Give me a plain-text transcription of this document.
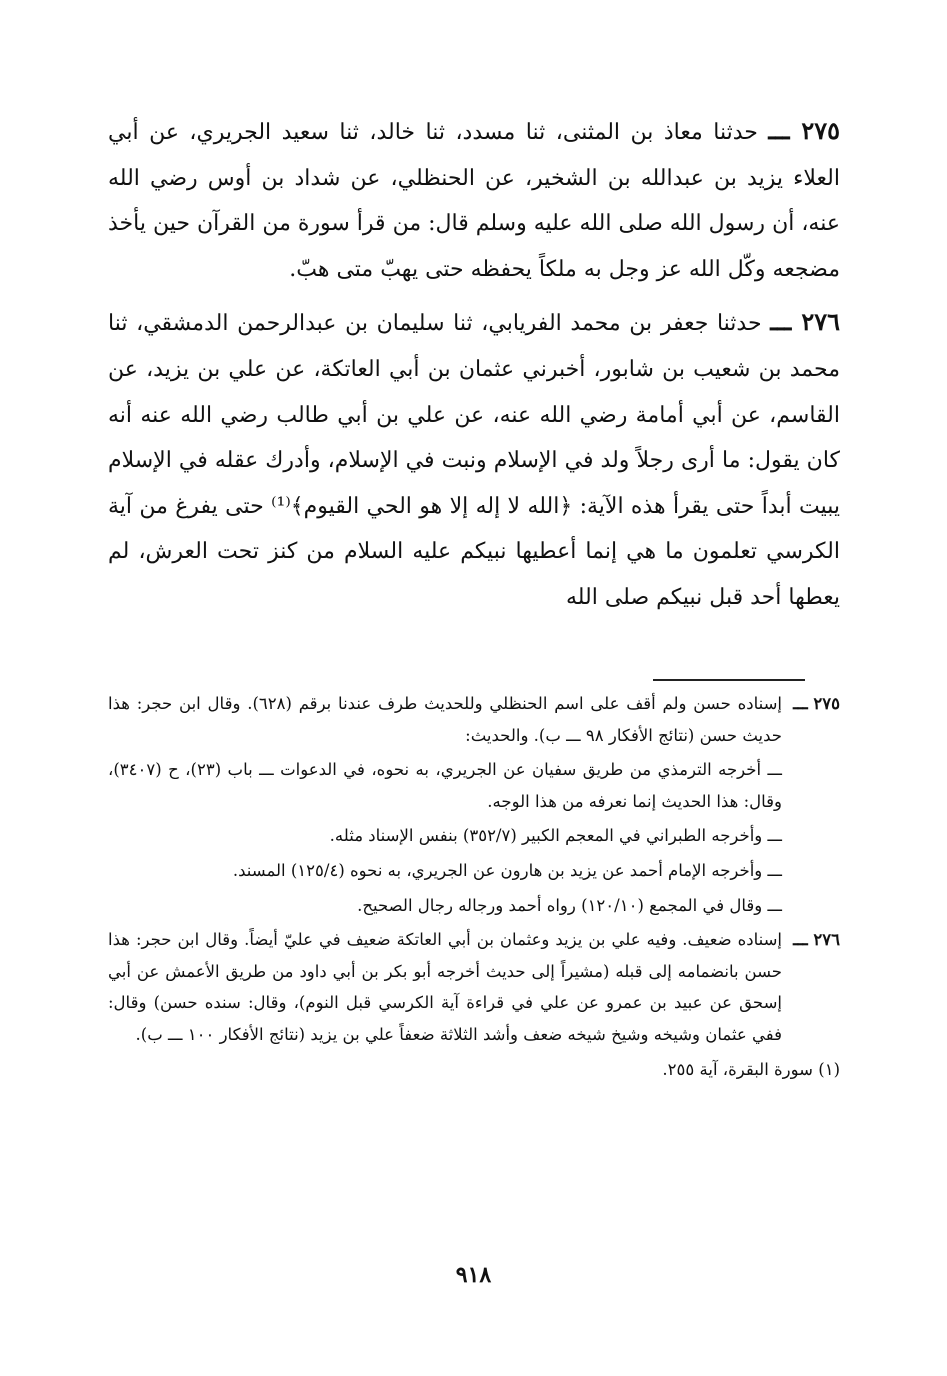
٢٧٥ ـــ حدثنا معاذ بن المثنى، ثنا مسدد، ثنا خالد، ثنا سعيد الجريري، عن أبي العلاء يزيد بن عبدالله بن الشخير، عن الحنظلي، عن شداد بن أوس رضي الله عنه، أن رسول الله صلى الله عليه وسلم قال: من قرأ سورة من القرآن حين يأخذ مضجعه وكّل الله عز وجل به ملكاً يحفظه حتى يهبّ متى هبّ.

٢٧٦ ـــ حدثنا جعفر بن محمد الفريابي، ثنا سليمان بن عبدالرحمن الدمشقي، ثنا محمد بن شعيب بن شابور، أخبرني عثمان بن أبي العاتكة، عن علي بن يزيد، عن القاسم، عن أبي أمامة رضي الله عنه، عن علي بن أبي طالب رضي الله عنه أنه كان يقول: ما أرى رجلاً ولد في الإسلام ونبت في الإسلام، وأدرك عقله في الإسلام يبيت أبداً حتى يقرأ هذه الآية: ﴿الله لا إله إلا هو الحي القيوم﴾⁽¹⁾ حتى يفرغ من آية الكرسي تعلمون ما هي إنما أعطيها نبيكم عليه السلام من كنز تحت العرش، لم يعطها أحد قبل نبيكم صلى الله

٢٧٥ ـــ

إسناده حسن ولم أقف على اسم الحنظلي وللحديث طرف عندنا برقم (٦٢٨). وقال ابن حجر: هذا حديث حسن (نتائج الأفكار ٩٨ ـــ ب). والحديث:

ـــ أخرجه الترمذي من طريق سفيان عن الجريري، به نحوه، في الدعوات ـــ باب (٢٣)، ح (٣٤٠٧)، وقال: هذا الحديث إنما نعرفه من هذا الوجه.

ـــ وأخرجه الطبراني في المعجم الكبير (٣٥٢/٧) بنفس الإسناد مثله.

ـــ وأخرجه الإمام أحمد عن يزيد بن هارون عن الجريري، به نحوه (١٢٥/٤) المسند.

ـــ وقال في المجمع (١٢٠/١٠) رواه أحمد ورجاله رجال الصحيح.

٢٧٦ ـــ

إسناده ضعيف. وفيه علي بن يزيد وعثمان بن أبي العاتكة ضعيف في عليّ أيضاً. وقال ابن حجر: هذا حسن بانضمامه إلى قبله (مشيراً إلى حديث أخرجه أبو بكر بن أبي داود من طريق الأعمش عن أبي إسحق عن عبيد بن عمرو عن علي في قراءة آية الكرسي قبل النوم)، وقال: سنده حسن) وقال: ففي عثمان وشيخه وشيخ شيخه ضعف وأشد الثلاثة ضعفاً علي بن يزيد (نتائج الأفكار ١٠٠ ـــ ب).

(١) سورة البقرة، آية ٢٥٥.
٩١٨
